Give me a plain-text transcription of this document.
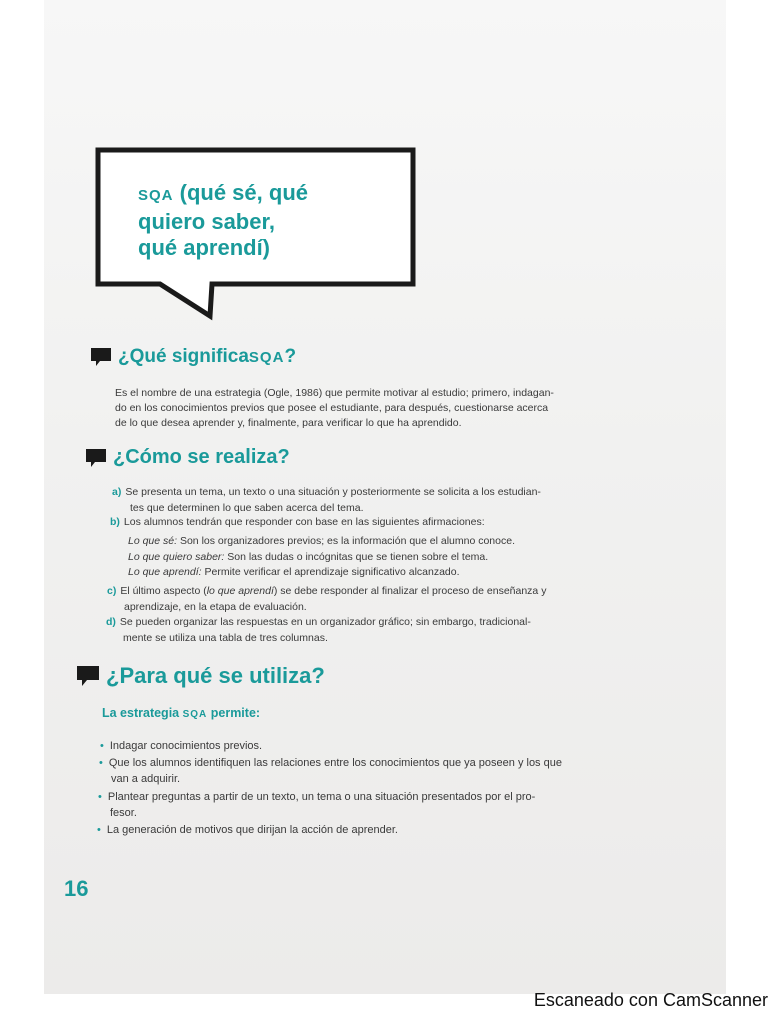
SQA (qué sé, qué
quiero saber,
qué aprendí)
¿Qué significa SQA ?
Es el nombre de una estrategia (Ogle, 1986) que permite motivar al estudio; primero, indagan-
do en los conocimientos previos que posee el estudiante, para después, cuestionarse acerca
de lo que desea aprender y, finalmente, para verificar lo que ha aprendido.
¿Cómo se realiza?
a) Se presenta un tema, un texto o una situación y posteriormente se solicita a los estudian-
tes que determinen lo que saben acerca del tema.
b) Los alumnos tendrán que responder con base en las siguientes afirmaciones:
Lo que sé: Son los organizadores previos; es la información que el alumno conoce.
Lo que quiero saber: Son las dudas o incógnitas que se tienen sobre el tema.
Lo que aprendí: Permite verificar el aprendizaje significativo alcanzado.
c) El último aspecto (lo que aprendí) se debe responder al finalizar el proceso de enseñanza y
aprendizaje, en la etapa de evaluación.
d) Se pueden organizar las respuestas en un organizador gráfico; sin embargo, tradicional-
mente se utiliza una tabla de tres columnas.
¿Para qué se utiliza?
La estrategia SQA permite:
• Indagar conocimientos previos.
• Que los alumnos identifiquen las relaciones entre los conocimientos que ya poseen y los que
van a adquirir.
• Plantear preguntas a partir de un texto, un tema o una situación presentados por el pro-
fesor.
• La generación de motivos que dirijan la acción de aprender.
16
Escaneado con CamScanner
